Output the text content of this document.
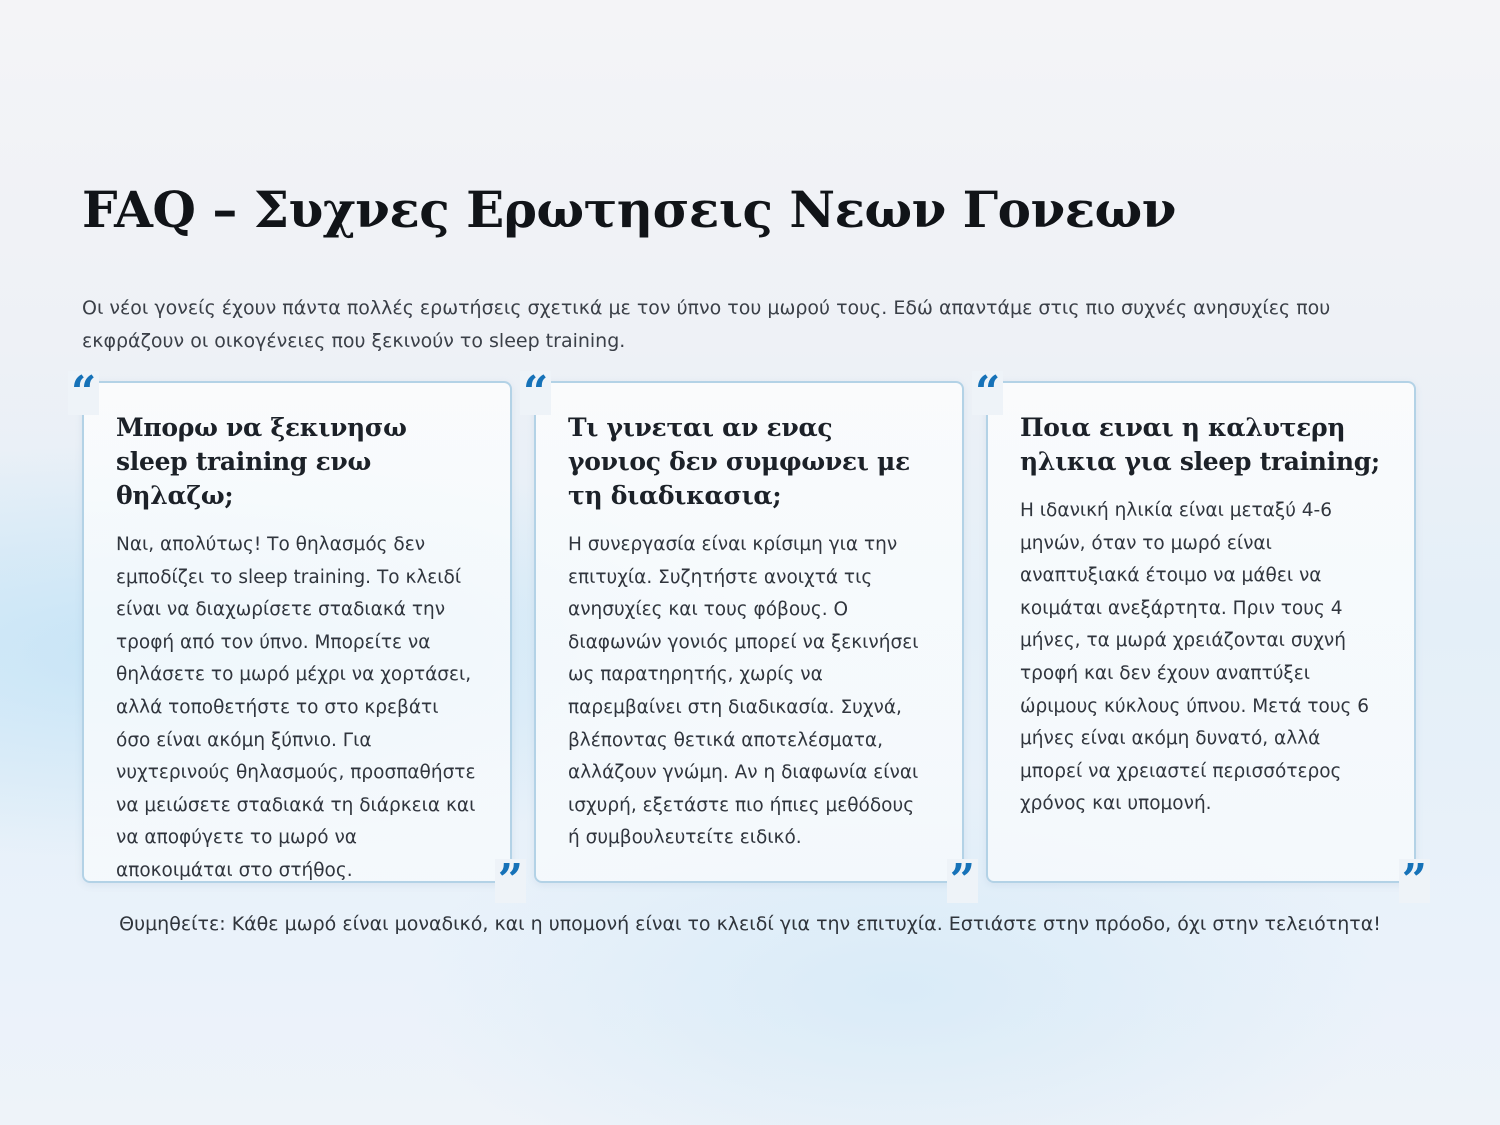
FAQ – Συχνες Ερωτησεις Νεων Γονεων

Οι νέοι γονείς έχουν πάντα πολλές ερωτήσεις σχετικά με τον ύπνο του μωρού τους. Εδώ απαντάμε στις πιο συχνές ανησυχίες που εκφράζουν οι οικογένειες που ξεκινούν το sleep training.

“
Μπορω να ξεκινησω sleep training ενω θηλαζω;

Ναι, απολύτως! Το θηλασμός δεν εμποδίζει το sleep training. Το κλειδί είναι να διαχωρίσετε σταδιακά την τροφή από τον ύπνο. Μπορείτε να θηλάσετε το μωρό μέχρι να χορτάσει, αλλά τοποθετήστε το στο κρεβάτι όσο είναι ακόμη ξύπνιο. Για νυχτερινούς θηλασμούς, προσπαθήστε να μειώσετε σταδιακά τη διάρκεια και να αποφύγετε το μωρό να αποκοιμάται στο στήθος.	”
“
Τι γινεται αν ενας γονιος δεν συμφωνει με τη διαδικασια;

Η συνεργασία είναι κρίσιμη για την επιτυχία. Συζητήστε ανοιχτά τις ανησυχίες και τους φόβους. Ο διαφωνών γονιός μπορεί να ξεκινήσει ως παρατηρητής, χωρίς να παρεμβαίνει στη διαδικασία. Συχνά, βλέποντας θετικά αποτελέσματα, αλλάζουν γνώμη. Αν η διαφωνία είναι ισχυρή, εξετάστε πιο ήπιες μεθόδους ή συμβουλευτείτε ειδικό.

”
“
Ποια ειναι η καλυτερη ηλικια για sleep training;

Η ιδανική ηλικία είναι μεταξύ 4-6 μηνών, όταν το μωρό είναι αναπτυξιακά έτοιμο να μάθει να κοιμάται ανεξάρτητα. Πριν τους 4 μήνες, τα μωρά χρειάζονται συχνή τροφή και δεν έχουν αναπτύξει ώριμους κύκλους ύπνου. Μετά τους 6 μήνες είναι ακόμη δυνατό, αλλά μπορεί να χρειαστεί περισσότερος χρόνος και υπομονή.

”

Θυμηθείτε: Κάθε μωρό είναι μοναδικό, και η υπομονή είναι το κλειδί για την επιτυχία. Εστιάστε στην πρόοδο, όχι στην τελειότητα!
